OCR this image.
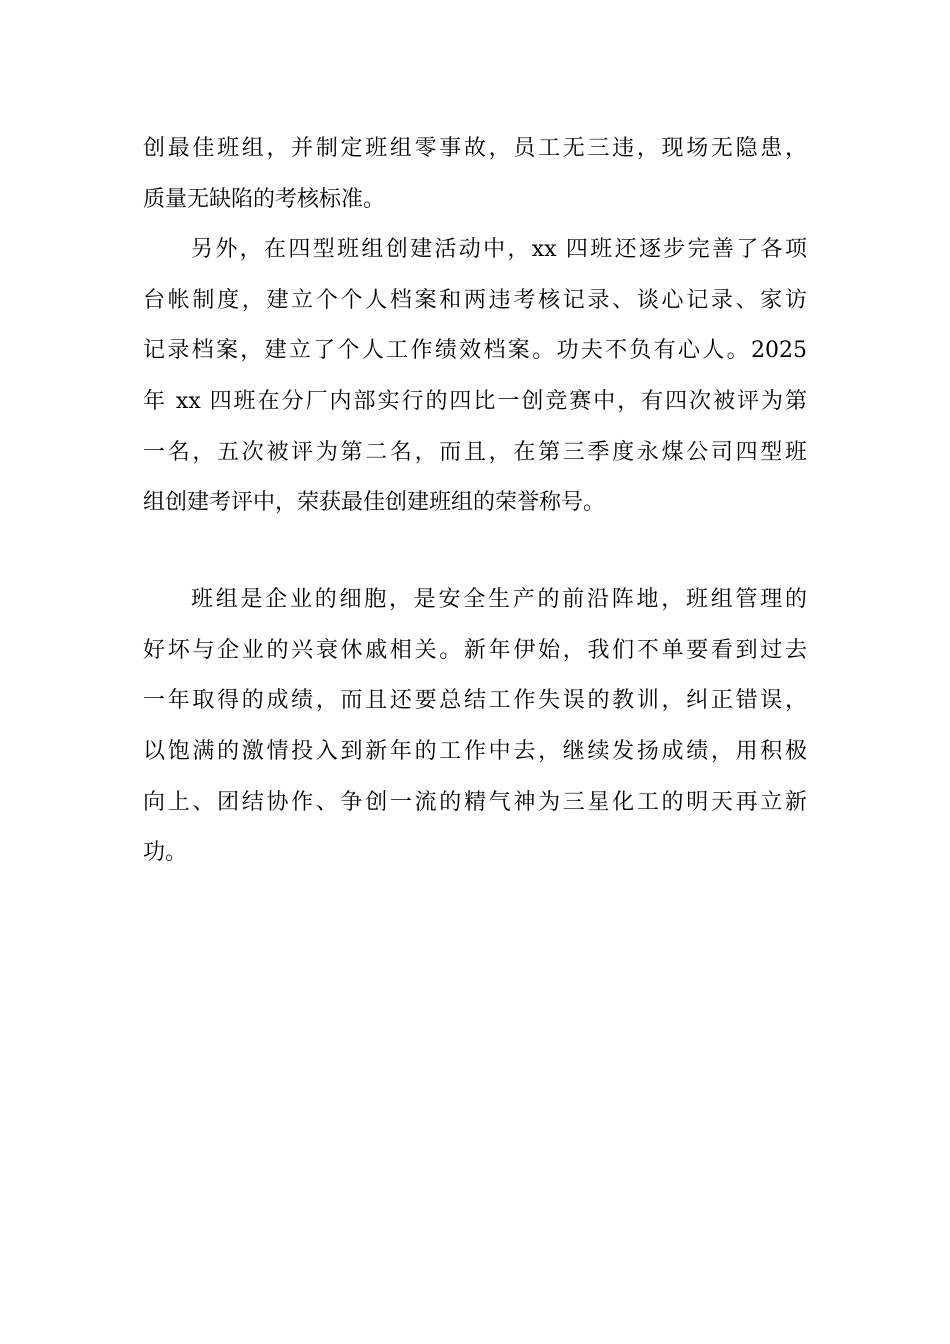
创最佳班组，并制定班组零事故，员工无三违，现场无隐患，
质量无缺陷的考核标准。
另外，在四型班组创建活动中，xx 四班还逐步完善了各项
台帐制度，建立个个人档案和两违考核记录、谈心记录、家访
记录档案，建立了个人工作绩效档案。功夫不负有心人。2025
年 xx 四班在分厂内部实行的四比一创竞赛中，有四次被评为第
一名，五次被评为第二名，而且，在第三季度永煤公司四型班
组创建考评中，荣获最佳创建班组的荣誉称号。
班组是企业的细胞，是安全生产的前沿阵地，班组管理的
好坏与企业的兴衰休戚相关。新年伊始，我们不单要看到过去
一年取得的成绩，而且还要总结工作失误的教训，纠正错误，
以饱满的激情投入到新年的工作中去，继续发扬成绩，用积极
向上、团结协作、争创一流的精气神为三星化工的明天再立新
功。
